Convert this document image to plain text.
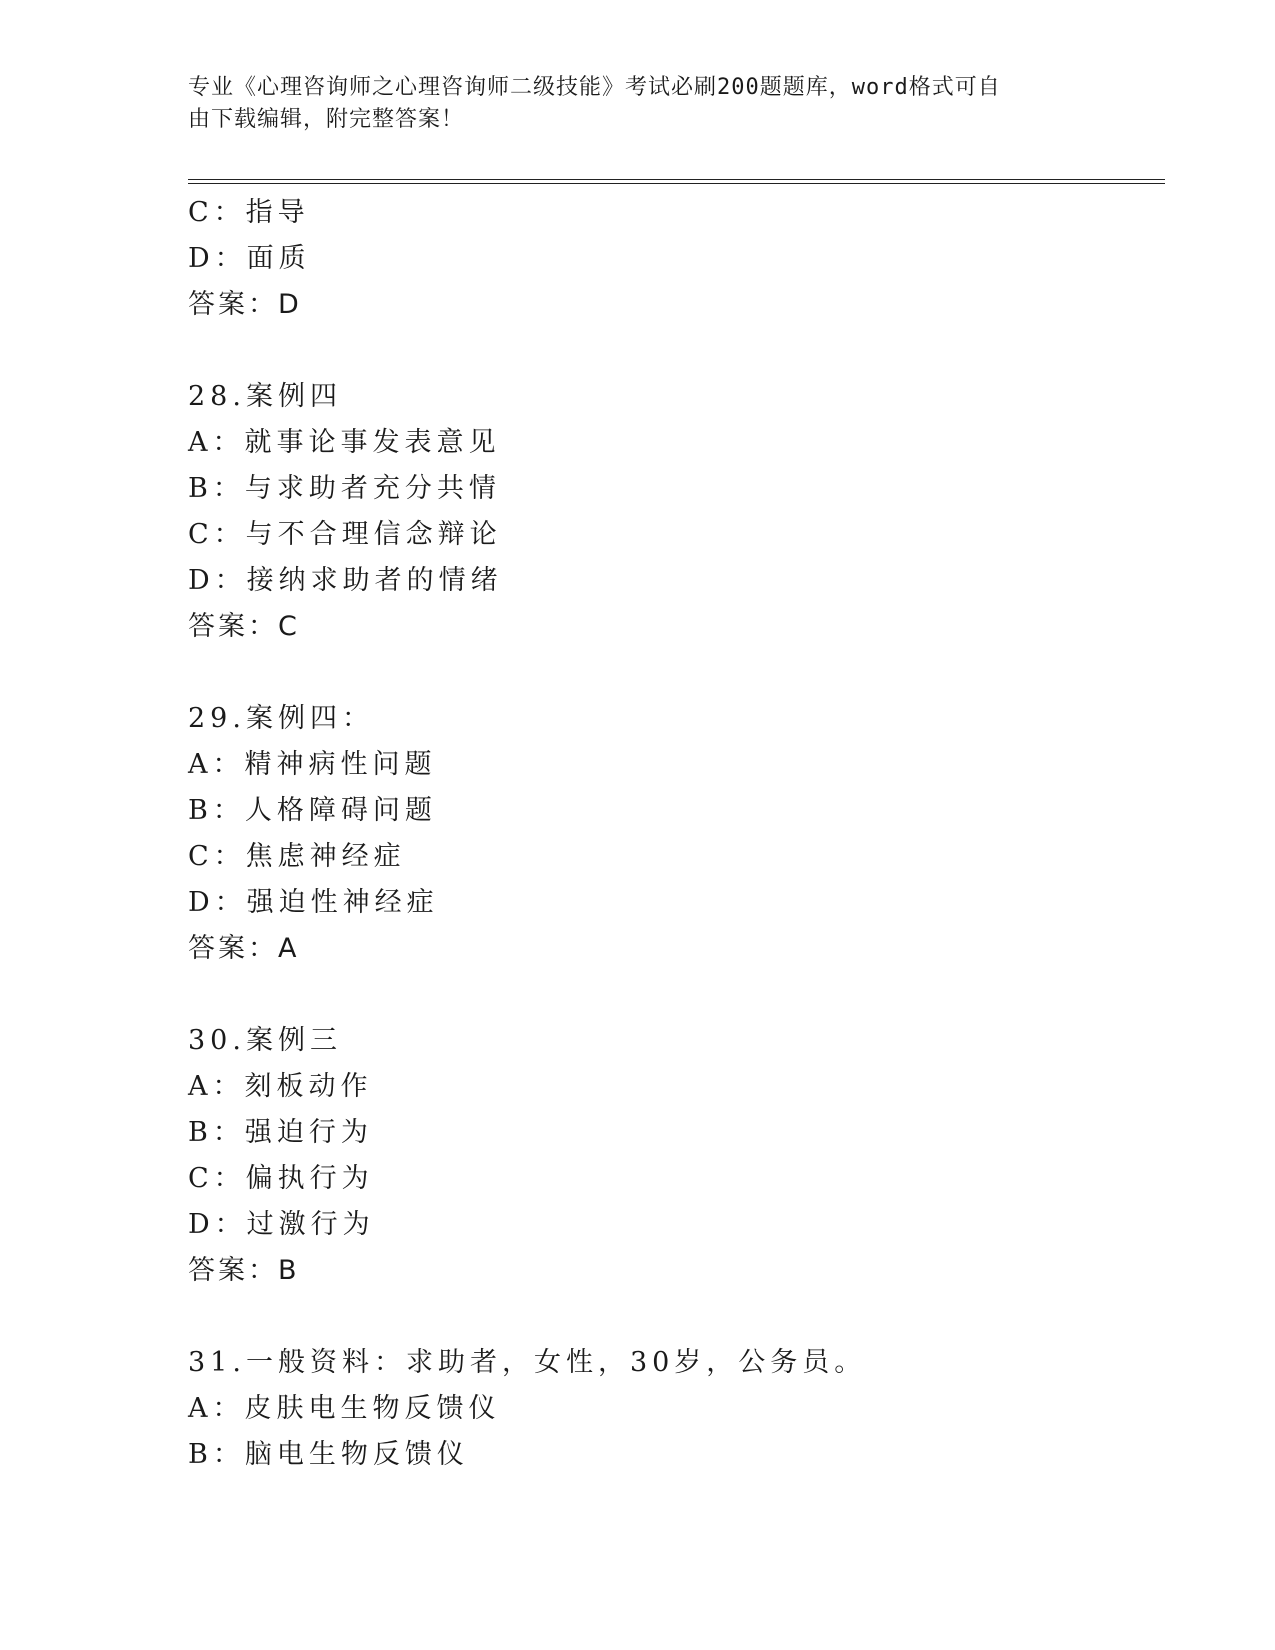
专业《心理咨询师之心理咨询师二级技能》考试必刷200题题库，word格式可自

由下载编辑，附完整答案！

C：指导
D：面质
答案：D
28.案例四
A：就事论事发表意见
B：与求助者充分共情
C：与不合理信念辩论
D：接纳求助者的情绪
答案：C
29.案例四：
A：精神病性问题
B：人格障碍问题
C：焦虑神经症
D：强迫性神经症
答案：A
30.案例三
A：刻板动作
B：强迫行为
C：偏执行为
D：过激行为
答案：B
31.一般资料：求助者，女性，30岁，公务员。
A：皮肤电生物反馈仪
B：脑电生物反馈仪
